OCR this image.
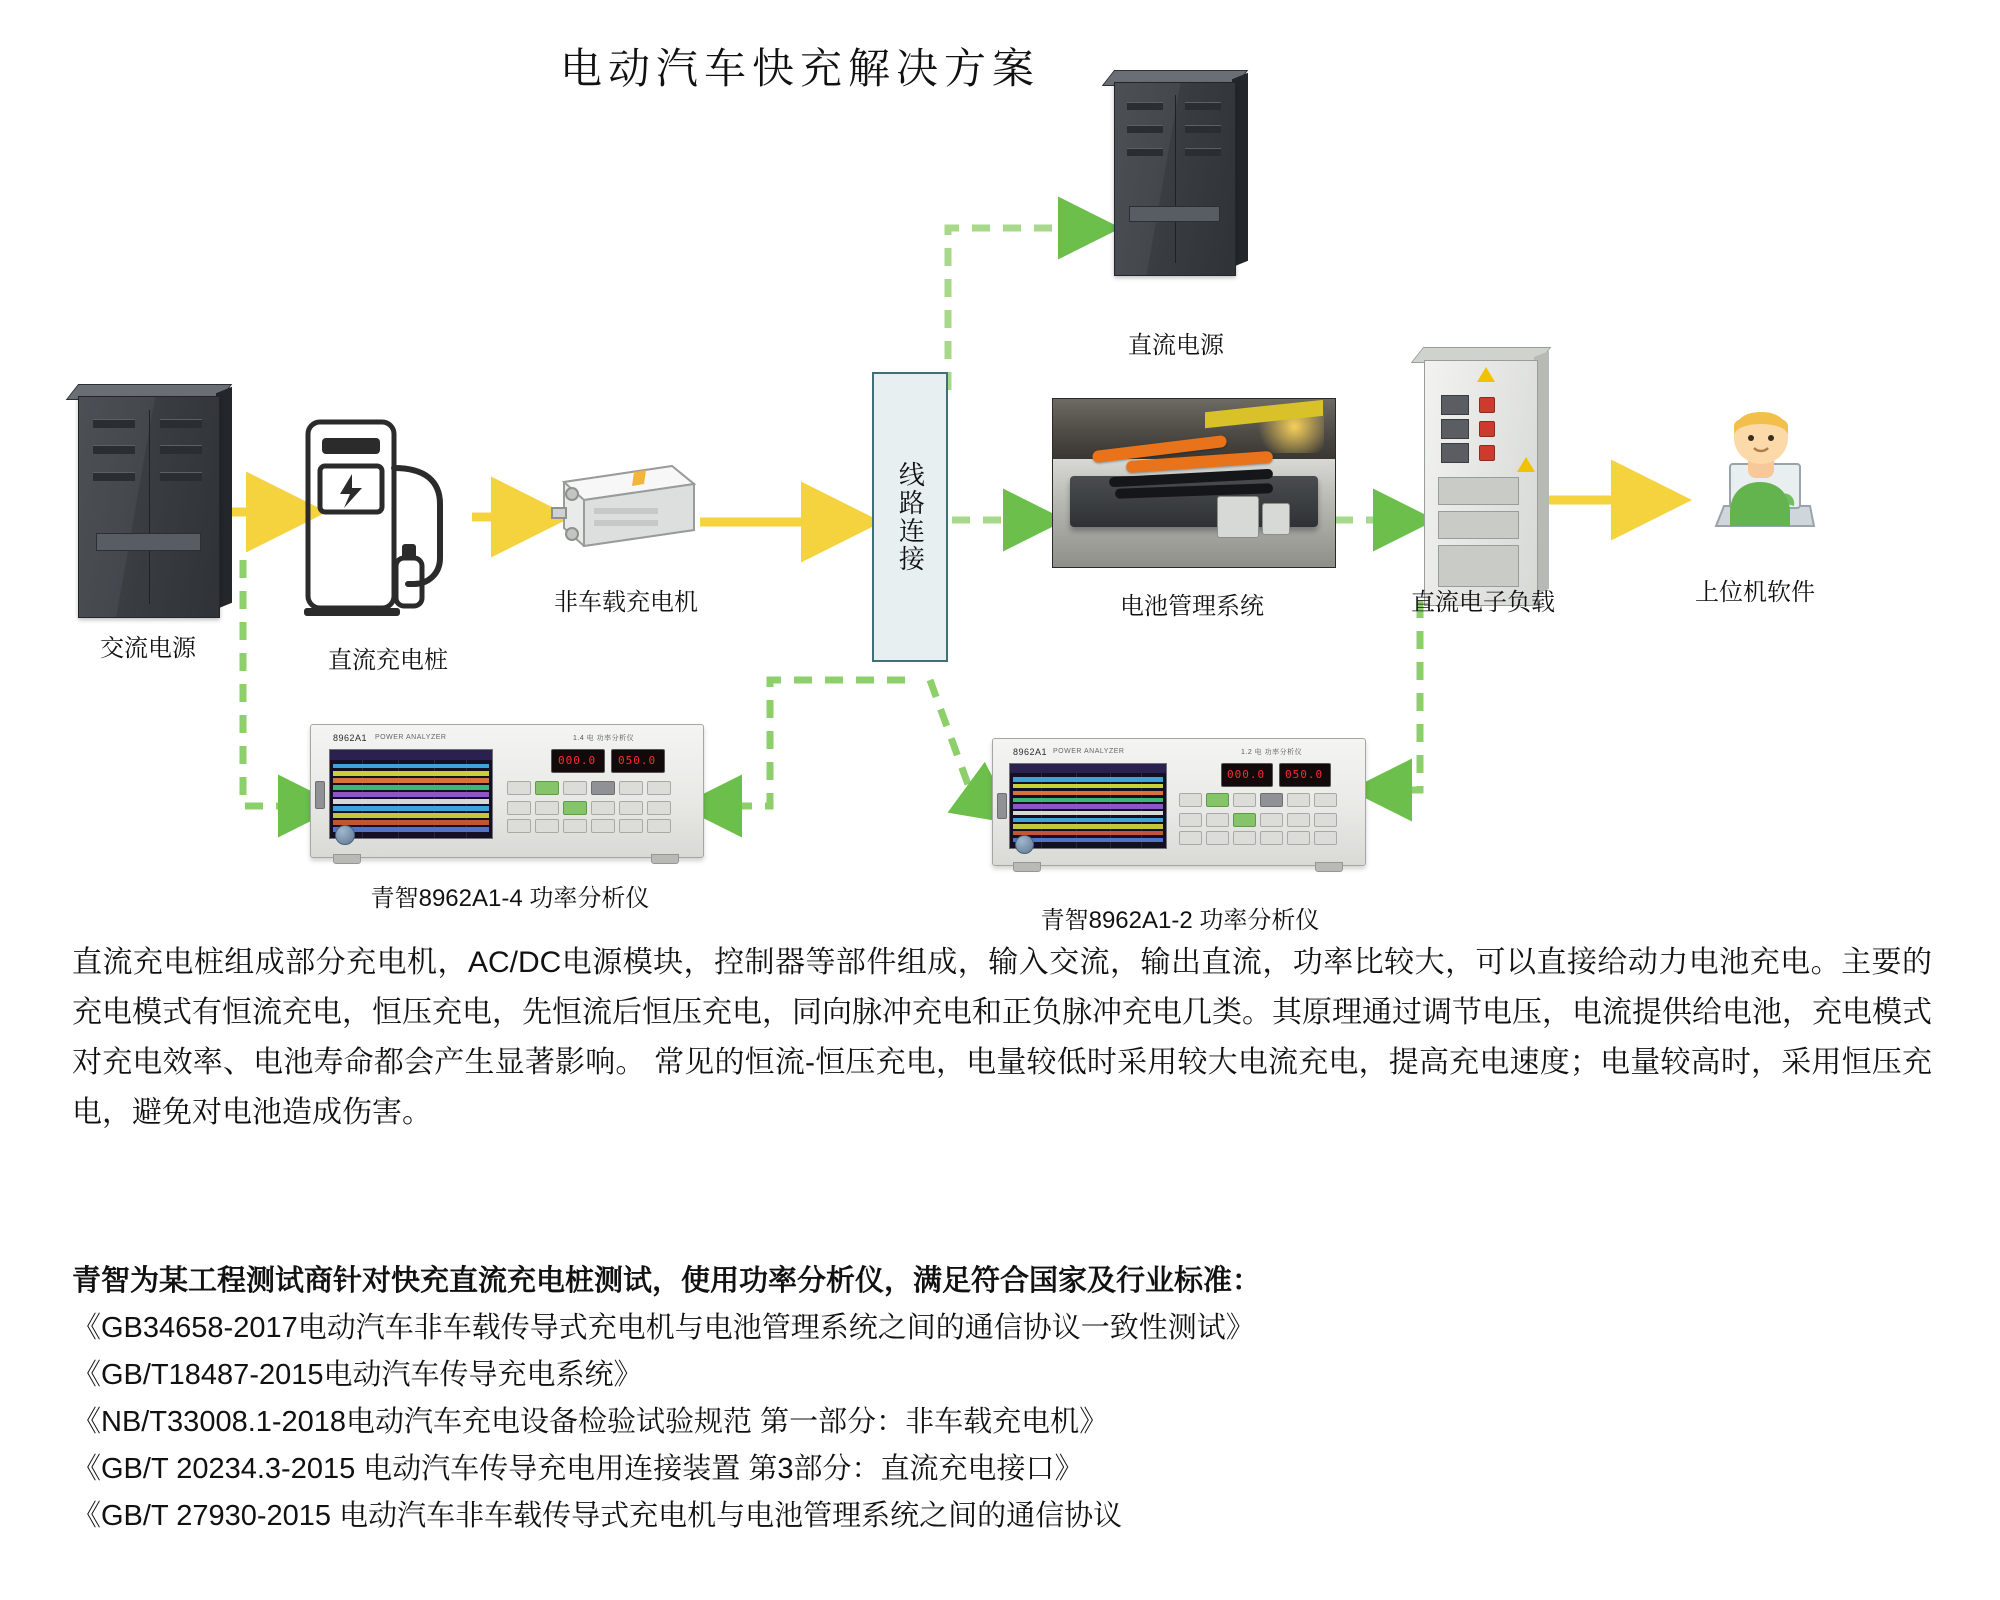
电动汽车快充解决方案
交流电源	直流充电桩
非车载充电机
线路连接
直流电源
电池管理系统	直流电子负载	上位机软件
8962A1 POWER ANALYZER	1.4 电 功率分析仪
000.0 050.0
青智8962A1-4 功率分析仪
8962A1 POWER ANALYZER	1.2 电 功率分析仪
000.0 050.0
青智8962A1-2 功率分析仪
直流充电桩组成部分充电机，AC/DC电源模块，控制器等部件组成，输入交流，输出直流，功率比较大，可以直接给动力电池充电。主要的充电模式有恒流充电，恒压充电，先恒流后恒压充电，同向脉冲充电和正负脉冲充电几类。其原理通过调节电压，电流提供给电池，充电模式对充电效率、电池寿命都会产生显著影响。 常见的恒流-恒压充电，电量较低时采用较大电流充电，提高充电速度；电量较高时，采用恒压充电，避免对电池造成伤害。
青智为某工程测试商针对快充直流充电桩测试，使用功率分析仪，满足符合国家及行业标准：
《GB34658-2017电动汽车非车载传导式充电机与电池管理系统之间的通信协议一致性测试》
《GB/T18487-2015电动汽车传导充电系统》
《NB/T33008.1-2018电动汽车充电设备检验试验规范 第一部分：非车载充电机》
《GB/T 20234.3-2015 电动汽车传导充电用连接装置 第3部分：直流充电接口》
《GB/T 27930-2015 电动汽车非车载传导式充电机与电池管理系统之间的通信协议
